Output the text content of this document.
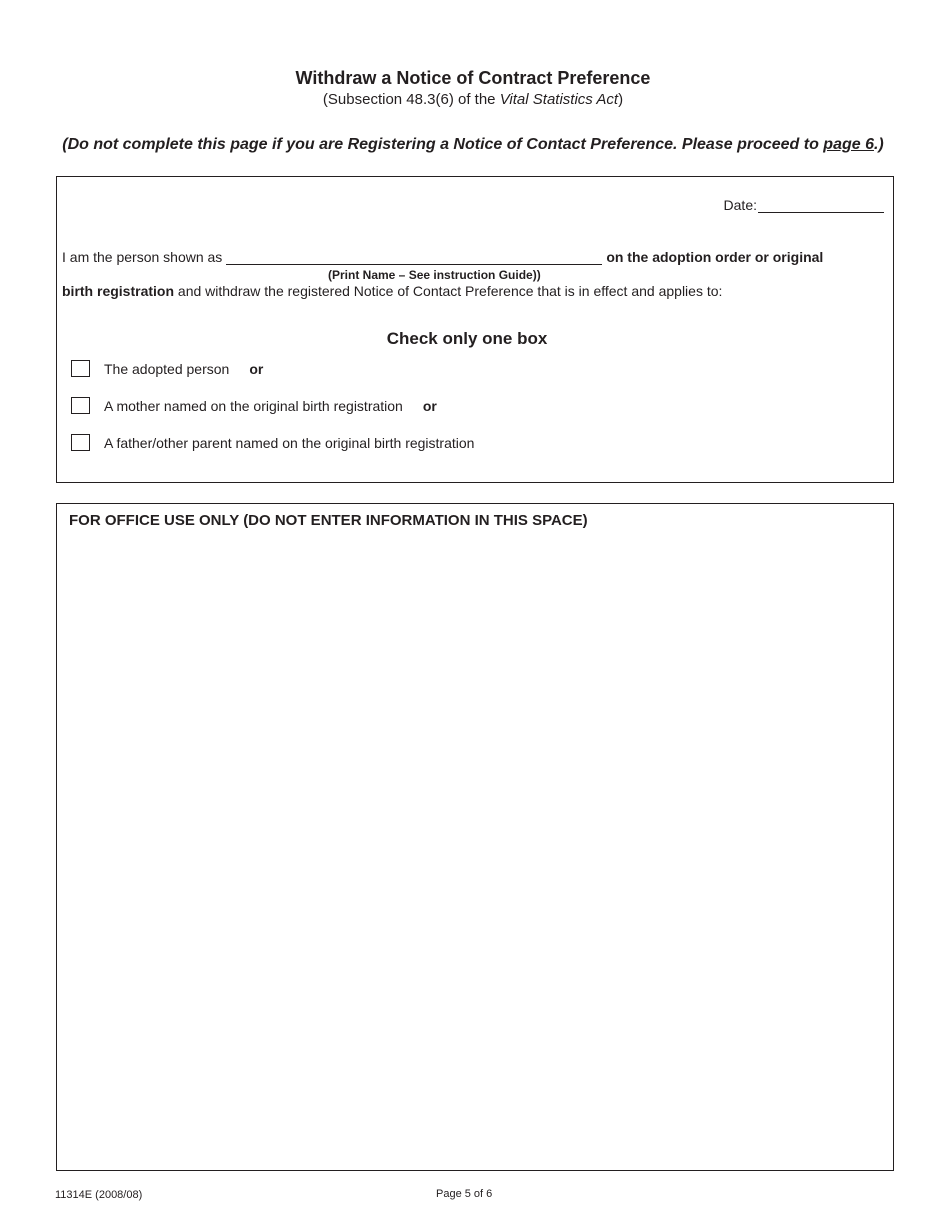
Withdraw a Notice of Contract Preference
(Subsection 48.3(6) of the Vital Statistics Act)
(Do not complete this page if you are Registering a Notice of Contact Preference. Please proceed to page 6.)
Date:
I am the person shown as	on the adoption order or original
(Print Name – See instruction Guide))
birth registration and withdraw the registered Notice of Contact Preference that is in effect and applies to:
Check only one box
The adopted person or
A mother named on the original birth registration or
A father/other parent named on the original birth registration
FOR OFFICE USE ONLY (DO NOT ENTER INFORMATION IN THIS SPACE)
11314E (2008/08)	Page 5 of 6
